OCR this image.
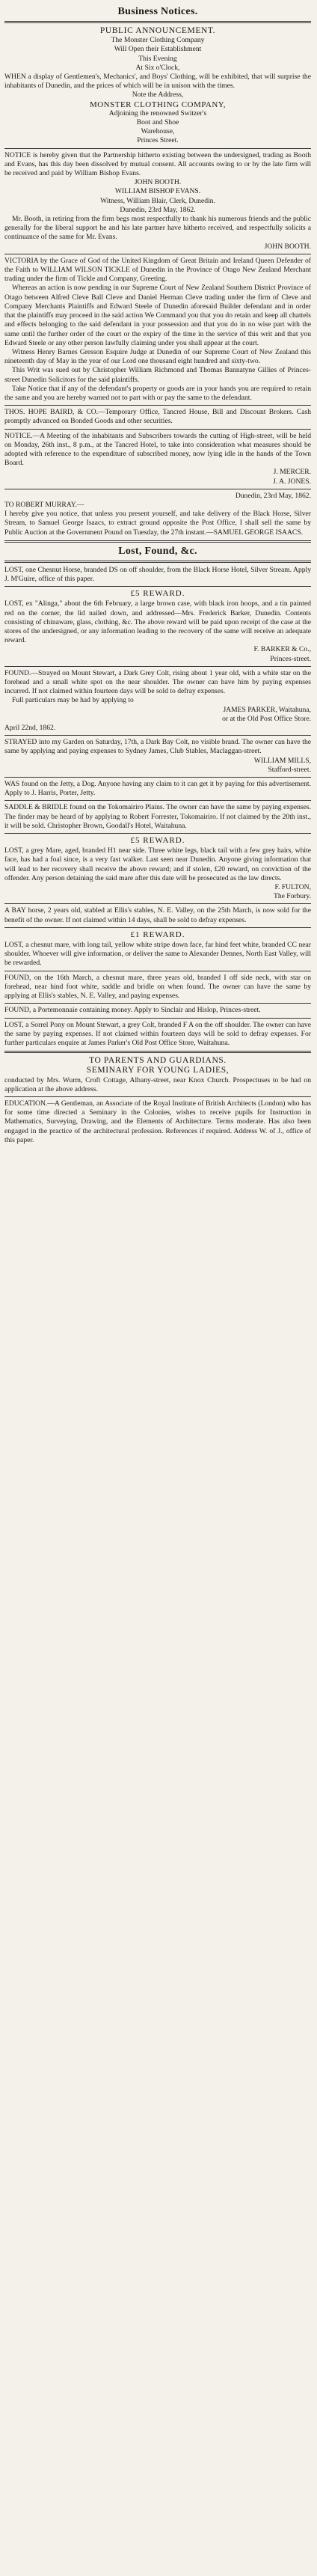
Business Notices.
PUBLIC ANNOUNCEMENT.

The Monster Clothing Company

Will Open their Establishment

This Evening

At Six o'Clock,

WHEN a display of Gentlemen's, Mechanics', and Boys' Clothing, will be exhibited, that will surprise the inhabitants of Dunedin, and the prices of which will be in unison with the times.

Note the Address,

MONSTER CLOTHING COMPANY,

Adjoining the renowned Switzer's

Boot and Shoe

Warehouse,

Princes Street.

NOTICE is hereby given that the Partnership hitherto existing between the undersigned, trading as Booth and Evans, has this day been dissolved by mutual consent. All accounts owing to or by the late firm will be received and paid by William Bishop Evans.

JOHN BOOTH.

WILLIAM BISHOP EVANS.

Witness, William Blair, Clerk, Dunedin.

Dunedin, 23rd May, 1862.

Mr. Booth, in retiring from the firm begs most respectfully to thank his numerous friends and the public generally for the liberal support he and his late partner have hitherto received, and respectfully solicits a continuance of the same for Mr. Evans.

JOHN BOOTH.

VICTORIA by the Grace of God of the United Kingdom of Great Britain and Ireland Queen Defender of the Faith to WILLIAM WILSON TICKLE of Dunedin in the Province of Otago New Zealand Merchant trading under the firm of Tickle and Company, Greeting.

Whereas an action is now pending in our Supreme Court of New Zealand Southern District Province of Otago between Alfred Cleve Ball Cleve and Daniel Herman Cleve trading under the firm of Cleve and Company Merchants Plaintiffs and Edward Steele of Dunedin aforesaid Builder defendant and in order that the plaintiffs may proceed in the said action We Command you that you do retain and keep all chattels and effects belonging to the said defendant in your possession and that you do in no wise part with the same until the further order of the court or the expiry of the time in the service of this writ and that you Edward Steele or any other person lawfully claiming under you shall appear at the court.

Witness Henry Barnes Gresson Esquire Judge at Dunedin of our Supreme Court of New Zealand this nineteenth day of May in the year of our Lord one thousand eight hundred and sixty-two.

This Writ was sued out by Christopher William Richmond and Thomas Bannatyne Gillies of Princes-street Dunedin Solicitors for the said plaintiffs.

Take Notice that if any of the defendant's property or goods are in your hands you are required to retain the same and you are hereby warned not to part with or pay the same to the defendant.

THOS. HOPE BAIRD, & CO.—Temporary Office, Tancred House, Bill and Discount Brokers. Cash promptly advanced on Bonded Goods and other securities.

NOTICE.—A Meeting of the inhabitants and Subscribers towards the cutting of High-street, will be held on Monday, 26th inst., 8 p.m., at the Tancred Hotel, to take into consideration what measures should be adopted with reference to the expenditure of subscribed money, now lying idle in the hands of the Town Board.

J. MERCER.

J. A. JONES.

Dunedin, 23rd May, 1862.

TO ROBERT MURRAY.—

I hereby give you notice, that unless you present yourself, and take delivery of the Black Horse, Silver Stream, to Samuel George Isaacs, to extract ground opposite the Post Office, I shall sell the same by Public Auction at the Government Pound on Tuesday, the 27th instant.—SAMUEL GEORGE ISAACS.

Lost, Found, &c.

LOST, one Chesnut Horse, branded DS on off shoulder, from the Black Horse Hotel, Silver Stream. Apply J. M'Guire, office of this paper.

£5 REWARD.

LOST, ex "Alinga," about the 6th February, a large brown case, with black iron hoops, and a tin painted red on the corner, the lid nailed down, and addressed—Mrs. Frederick Barker, Dunedin. Contents consisting of chinaware, glass, clothing, &c. The above reward will be paid upon receipt of the case at the stores of the undersigned, or any information leading to the recovery of the same will receive an adequate reward.

F. BARKER & Co.,

Princes-street.

FOUND.—Strayed on Mount Stewart, a Dark Grey Colt, rising about 1 year old, with a white star on the forehead and a small white spot on the near shoulder. The owner can have him by paying expenses incurred. If not claimed within fourteen days will be sold to defray expenses.

Full particulars may be had by applying to

JAMES PARKER, Waitahuna,

or at the Old Post Office Store.

April 22nd, 1862.

STRAYED into my Garden on Saturday, 17th, a Dark Bay Colt, no visible brand. The owner can have the same by applying and paying expenses to Sydney James, Club Stables, Maclaggan-street.

WILLIAM MILLS,

Stafford-street.

WAS found on the Jetty, a Dog. Anyone having any claim to it can get it by paying for this advertisement. Apply to J. Harris, Porter, Jetty.

SADDLE & BRIDLE found on the Tokomairiro Plains. The owner can have the same by paying expenses. The finder may be heard of by applying to Robert Forrester, Tokomairiro. If not claimed by the 20th inst., it will be sold. Christopher Brown, Goodall's Hotel, Waitahuna.

£5 REWARD.

LOST, a grey Mare, aged, branded H1 near side. Three white legs, black tail with a few grey hairs, white face, has had a foal since, is a very fast walker. Last seen near Dunedin. Anyone giving information that will lead to her recovery shall receive the above reward; and if stolen, £20 reward, on conviction of the offender. Any person detaining the said mare after this date will be prosecuted as the law directs.

F. FULTON,

The Forbury.

A BAY horse, 2 years old, stabled at Ellis's stables, N. E. Valley, on the 25th March, is now sold for the benefit of the owner. If not claimed within 14 days, shall be sold to defray expenses.

£1 REWARD.

LOST, a chesnut mare, with long tail, yellow white stripe down face, far hind feet white, branded CC near shoulder. Whoever will give information, or deliver the same to Alexander Dennes, North East Valley, will be rewarded.

FOUND, on the 16th March, a chesnut mare, three years old, branded I off side neck, with star on forehead, near hind foot white, saddle and bridle on when found. The owner can have the same by applying at Ellis's stables, N. E. Valley, and paying expenses.

FOUND, a Portemonnaie containing money. Apply to Sinclair and Hislop, Princes-street.

LOST, a Sorrel Pony on Mount Stewart, a grey Colt, branded F A on the off shoulder. The owner can have the same by paying expenses. If not claimed within fourteen days will be sold to defray expenses. For further particulars enquire at James Parker's Old Post Office Store, Waitahuna.

TO PARENTS AND GUARDIANS.
SEMINARY FOR YOUNG LADIES,

conducted by Mrs. Wurm, Croft Cottage, Albany-street, near Knox Church. Prospectuses to be had on application at the above address.

EDUCATION.—A Gentleman, an Associate of the Royal Institute of British Architects (London) who has for some time directed a Seminary in the Colonies, wishes to receive pupils for Instruction in Mathematics, Surveying, Drawing, and the Elements of Architecture. Terms moderate. Has also been engaged in the practice of the architectural profession. References if required. Address W. of J., office of this paper.
